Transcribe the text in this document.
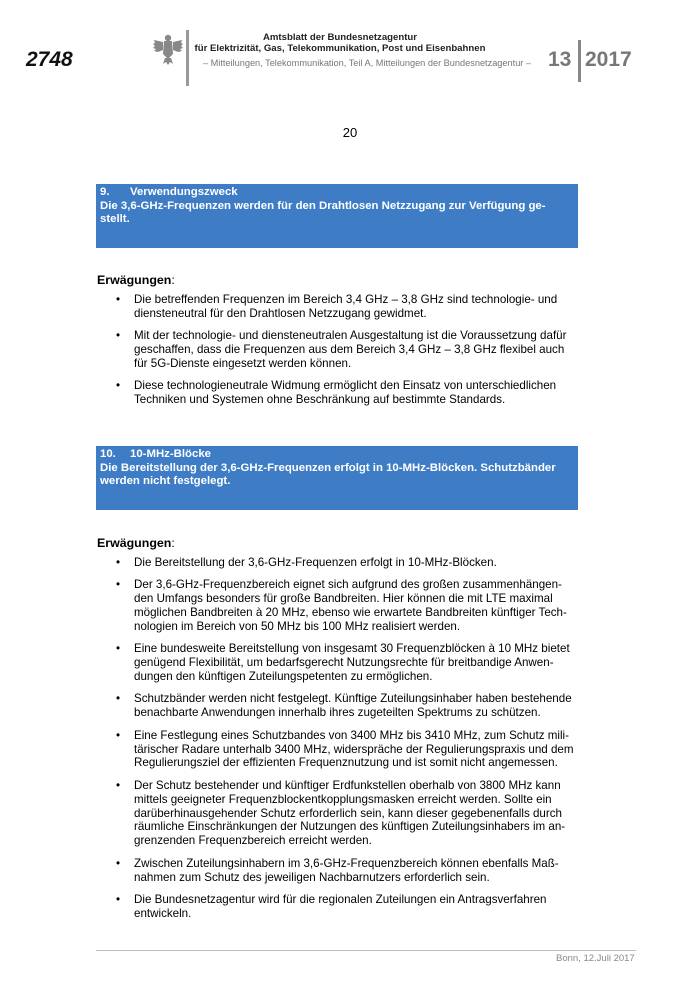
2748
Amtsblatt der Bundesnetzagentur
für Elektrizität, Gas, Telekommunikation, Post und Eisenbahnen
– Mitteilungen, Telekommunikation, Teil A, Mitteilungen der Bundesnetzagentur – 13 2017
20
9.	Verwendungszweck
Die 3,6-GHz-Frequenzen werden für den Drahtlosen Netzzugang zur Verfügung ge- stellt.
Erwägungen:
• Die betreffenden Frequenzen im Bereich 3,4 GHz – 3,8 GHz sind technologie- und diensteneutral für den Drahtlosen Netzzugang gewidmet.
• Mit der technologie- und diensteneutralen Ausgestaltung ist die Voraussetzung dafür geschaffen, dass die Frequenzen aus dem Bereich 3,4 GHz – 3,8 GHz flexibel auch für 5G-Dienste eingesetzt werden können.
• Diese technologieneutrale Widmung ermöglicht den Einsatz von unterschiedlichen Techniken und Systemen ohne Beschränkung auf bestimmte Standards.
10.	10-MHz-Blöcke
Die Bereitstellung der 3,6-GHz-Frequenzen erfolgt in 10-MHz-Blöcken. Schutzbänder werden nicht festgelegt.
Erwägungen:
• Die Bereitstellung der 3,6-GHz-Frequenzen erfolgt in 10-MHz-Blöcken.
• Der 3,6-GHz-Frequenzbereich eignet sich aufgrund des großen zusammenhängen- den Umfangs besonders für große Bandbreiten. Hier können die mit LTE maximal möglichen Bandbreiten à 20 MHz, ebenso wie erwartete Bandbreiten künftiger Tech- nologien im Bereich von 50 MHz bis 100 MHz realisiert werden.
• Eine bundesweite Bereitstellung von insgesamt 30 Frequenzblöcken à 10 MHz bietet genügend Flexibilität, um bedarfsgerecht Nutzungsrechte für breitbandige Anwen- dungen den künftigen Zuteilungspetenten zu ermöglichen.
• Schutzbänder werden nicht festgelegt. Künftige Zuteilungsinhaber haben bestehende benachbarte Anwendungen innerhalb ihres zugeteilten Spektrums zu schützen.
• Eine Festlegung eines Schutzbandes von 3400 MHz bis 3410 MHz, zum Schutz mili- tärischer Radare unterhalb 3400 MHz, widerspräche der Regulierungspraxis und dem Regulierungsziel der effizienten Frequenznutzung und ist somit nicht angemessen.
• Der Schutz bestehender und künftiger Erdfunkstellen oberhalb von 3800 MHz kann mittels geeigneter Frequenzblockentkopplungsmasken erreicht werden. Sollte ein darüberhinausgehender Schutz erforderlich sein, kann dieser gegebenenfalls durch räumliche Einschränkungen der Nutzungen des künftigen Zuteilungsinhabers im an- grenzenden Frequenzbereich erreicht werden.
• Zwischen Zuteilungsinhabern im 3,6-GHz-Frequenzbereich können ebenfalls Maß- nahmen zum Schutz des jeweiligen Nachbarnutzers erforderlich sein.
• Die Bundesnetzagentur wird für die regionalen Zuteilungen ein Antragsverfahren entwickeln.
Bonn, 12.Juli 2017
